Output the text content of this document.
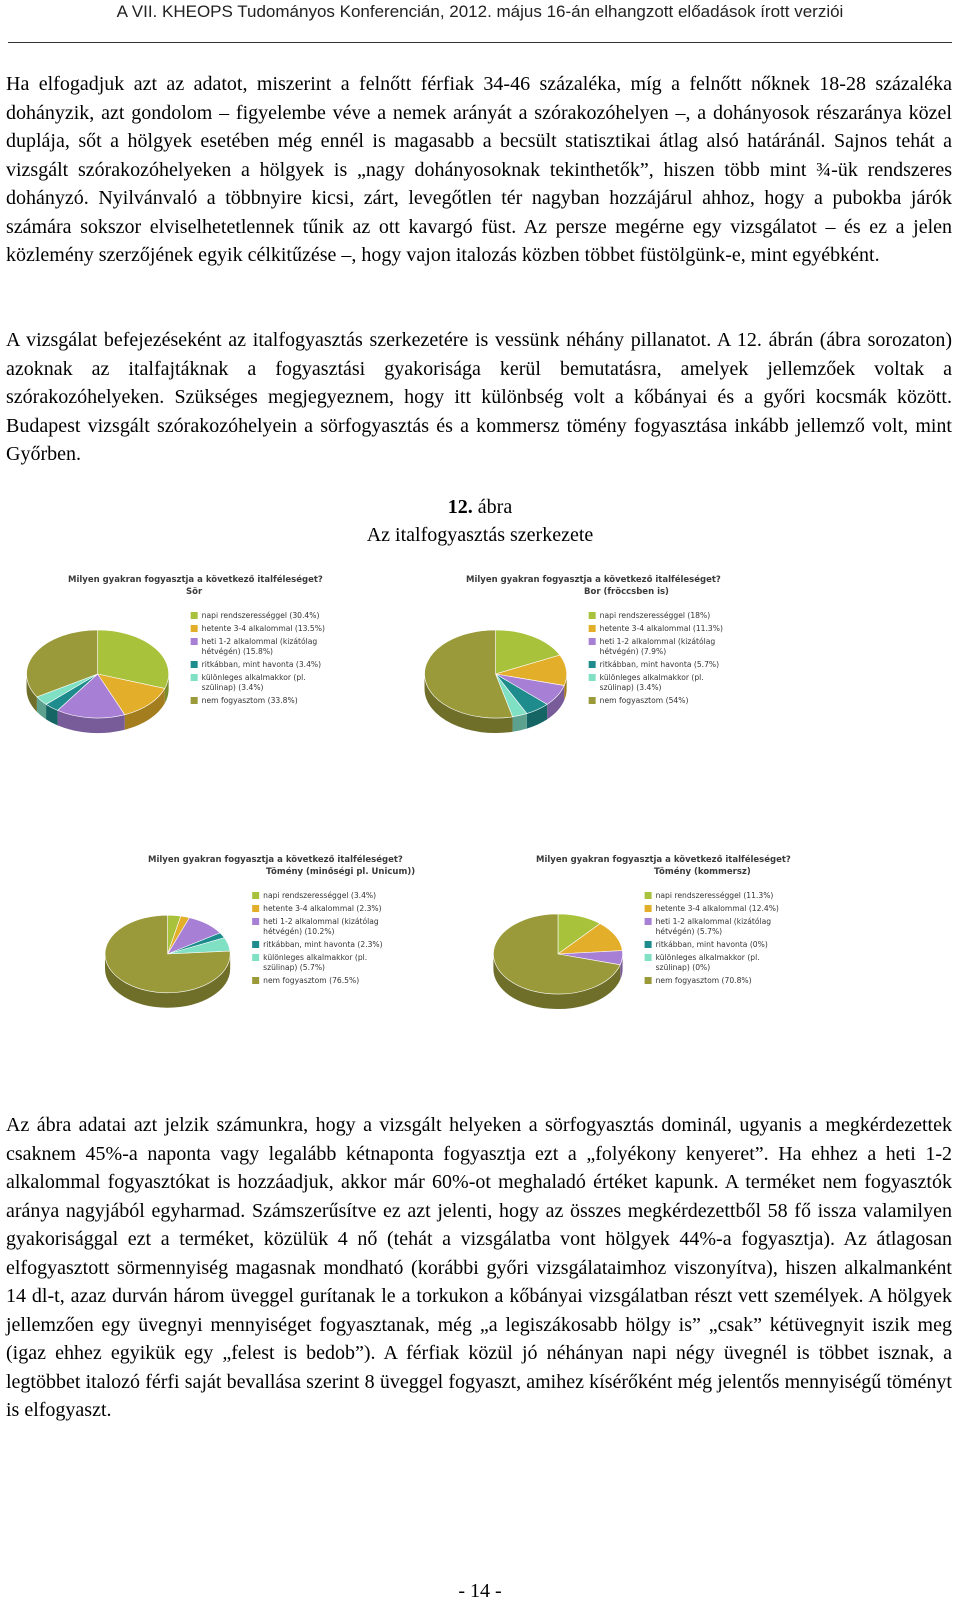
A VII. KHEOPS Tudományos Konferencián, 2012. május 16-án elhangzott előadások írott verziói

Ha elfogadjuk azt az adatot, miszerint a felnőtt férfiak 34-46 százaléka, míg a felnőtt nőknek 18-28 százaléka dohányzik, azt gondolom – figyelembe véve a nemek arányát a szórakozóhelyen –, a dohányosok részaránya közel duplája, sőt a hölgyek esetében még ennél is magasabb a becsült statisztikai átlag alsó határánál. Sajnos tehát a vizsgált szórakozóhelyeken a hölgyek is „nagy dohányosoknak tekinthetők”, hiszen több mint ¾-ük rendszeres dohányzó. Nyilvánvaló a többnyire kicsi, zárt, levegőtlen tér nagyban hozzájárul ahhoz, hogy a pubokba járók számára sokszor elviselhetetlennek tűnik az ott kavargó füst. Az persze megérne egy vizsgálatot – és ez a jelen közlemény szerzőjének egyik célkitűzése –, hogy vajon italozás közben többet füstölgünk-e, mint egyébként.

A vizsgálat befejezéseként az italfogyasztás szerkezetére is vessünk néhány pillanatot. A 12. ábrán (ábra sorozaton) azoknak az italfajtáknak a fogyasztási gyakorisága kerül bemutatásra, amelyek jellemzőek voltak a szórakozóhelyeken. Szükséges megjegyeznem, hogy itt különbség volt a kőbányai és a győri kocsmák között. Budapest vizsgált szórakozóhelyein a sörfogyasztás és a kommersz tömény fogyasztása inkább jellemző volt, mint Győrben.

12. ábra
Az italfogyasztás szerkezete
Milyen gyakran fogyasztja a következő italféleséget?
Sör
napi rendszerességgel (30.4%)
hetente 3-4 alkalommal (13.5%)
heti 1-2 alkalommal (kizátólag
hétvégén) (15.8%)
ritkábban, mint havonta (3.4%)
különleges alkalmakkor (pl.
szülinap) (3.4%)
nem fogyasztom (33.8%)
Milyen gyakran fogyasztja a következő italféleséget?
Bor (fröccsben is)
napi rendszerességgel (18%)
hetente 3-4 alkalommal (11.3%)
heti 1-2 alkalommal (kizátólag
hétvégén) (7.9%)
ritkábban, mint havonta (5.7%)
különleges alkalmakkor (pl.
szülinap) (3.4%)
nem fogyasztom (54%)
Milyen gyakran fogyasztja a következő italféleséget?
Tömény (minőségi pl. Unicum))
napi rendszerességgel (3.4%)
hetente 3-4 alkalommal (2.3%)
heti 1-2 alkalommal (kizátólag
hétvégén) (10.2%)
ritkábban, mint havonta (2.3%)
különleges alkalmakkor (pl.
szülinap) (5.7%)
nem fogyasztom (76.5%)
Milyen gyakran fogyasztja a következő italféleséget?
Tömény (kommersz)
napi rendszerességgel (11.3%)
hetente 3-4 alkalommal (12.4%)
heti 1-2 alkalommal (kizátólag
hétvégén) (5.7%)
ritkábban, mint havonta (0%)
különleges alkalmakkor (pl.
szülinap) (0%)
nem fogyasztom (70.8%)

Az ábra adatai azt jelzik számunkra, hogy a vizsgált helyeken a sörfogyasztás dominál, ugyanis a megkérdezettek csaknem 45%-a naponta vagy legalább kétnaponta fogyasztja ezt a „folyékony kenyeret”. Ha ehhez a heti 1-2 alkalommal fogyasztókat is hozzáadjuk, akkor már 60%-ot meghaladó értéket kapunk. A terméket nem fogyasztók aránya nagyjából egyharmad. Számszerűsítve ez azt jelenti, hogy az összes megkérdezettből 58 fő issza valamilyen gyakorisággal ezt a terméket, közülük 4 nő (tehát a vizsgálatba vont hölgyek 44%-a fogyasztja). Az átlagosan elfogyasztott sörmennyiség magasnak mondható (korábbi győri vizsgálataimhoz viszonyítva), hiszen alkalmanként 14 dl-t, azaz durván három üveggel gurítanak le a torkukon a kőbányai vizsgálatban részt vett személyek. A hölgyek jellemzően egy üvegnyi mennyiséget fogyasztanak, még „a legiszákosabb hölgy is” „csak” kétüvegnyit iszik meg (igaz ehhez egyikük egy „felest is bedob”). A férfiak közül jó néhányan napi négy üvegnél is többet isznak, a legtöbbet italozó férfi saját bevallása szerint 8 üveggel fogyaszt, amihez kísérőként még jelentős mennyiségű töményt is elfogyaszt.

- 14 -
